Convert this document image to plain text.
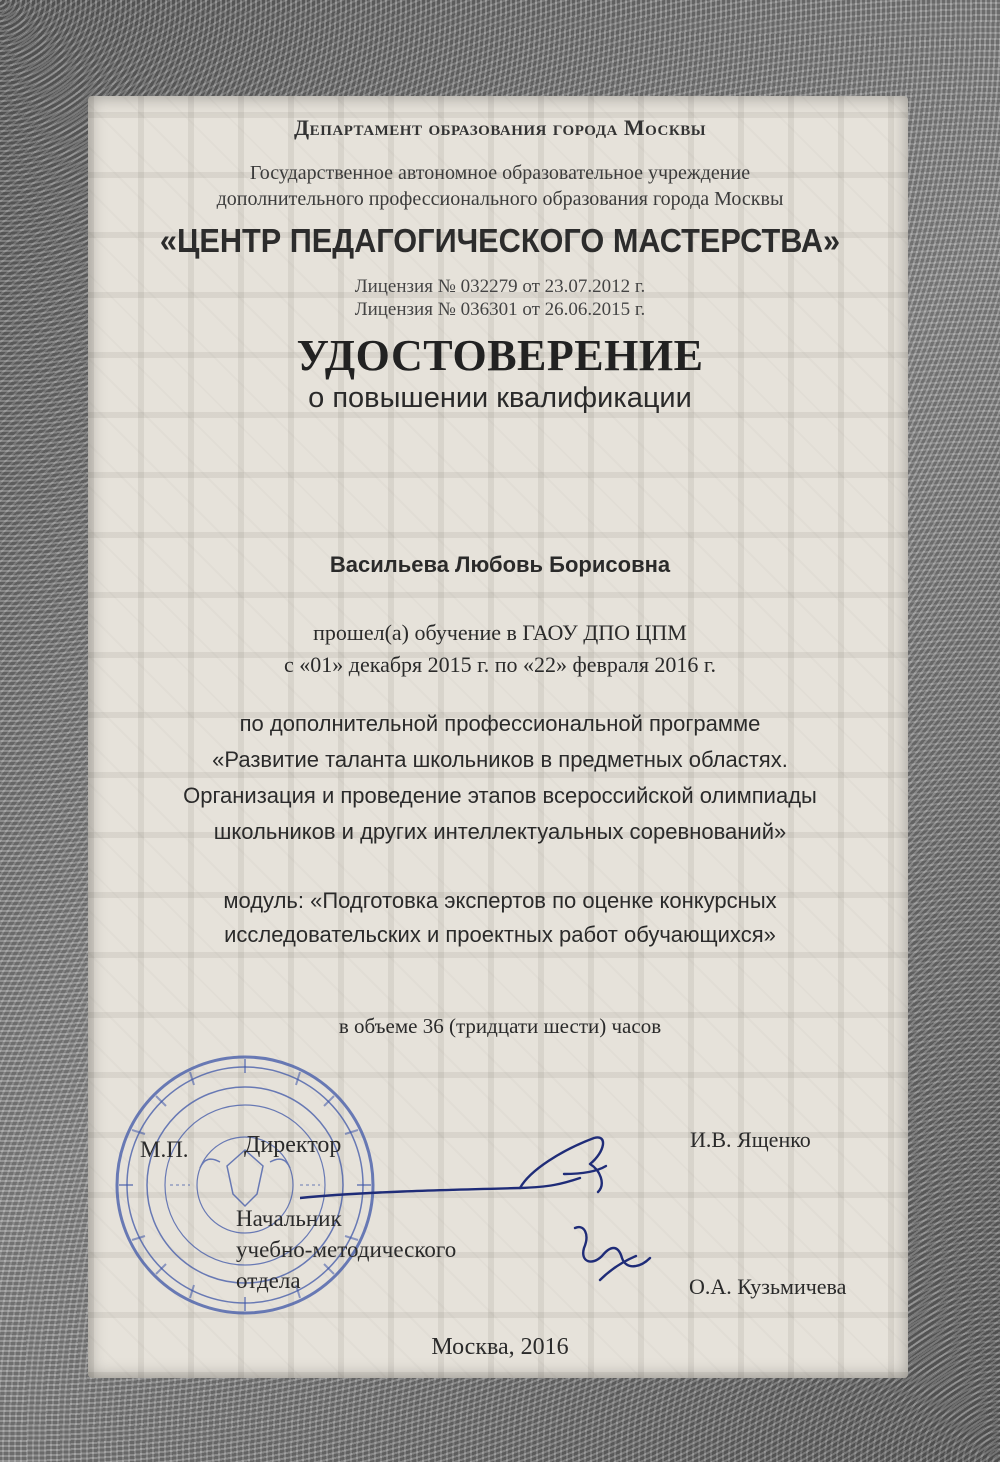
Департамент образования города Москвы
Государственное автономное образовательное учреждение
дополнительного профессионального образования города Москвы
«ЦЕНТР ПЕДАГОГИЧЕСКОГО МАСТЕРСТВА»
Лицензия № 032279 от 23.07.2012 г.
Лицензия № 036301 от 26.06.2015 г.
УДОСТОВЕРЕНИЕ
о повышении квалификации
Васильева Любовь Борисовна
прошел(а) обучение в ГАОУ ДПО ЦПМ
с «01» декабря 2015 г. по «22» февраля 2016 г.
по дополнительной профессиональной программе
«Развитие таланта школьников в предметных областях.
Организация и проведение этапов всероссийской олимпиады
школьников и других интеллектуальных соревнований»
модуль: «Подготовка экспертов по оценке конкурсных
исследовательских и проектных работ обучающихся»
в объеме 36 (тридцати шести) часов
М.П. Директор	И.В. Ященко
Начальник
учебно-методического
отдела	О.А. Кузьмичева
Москва, 2016
